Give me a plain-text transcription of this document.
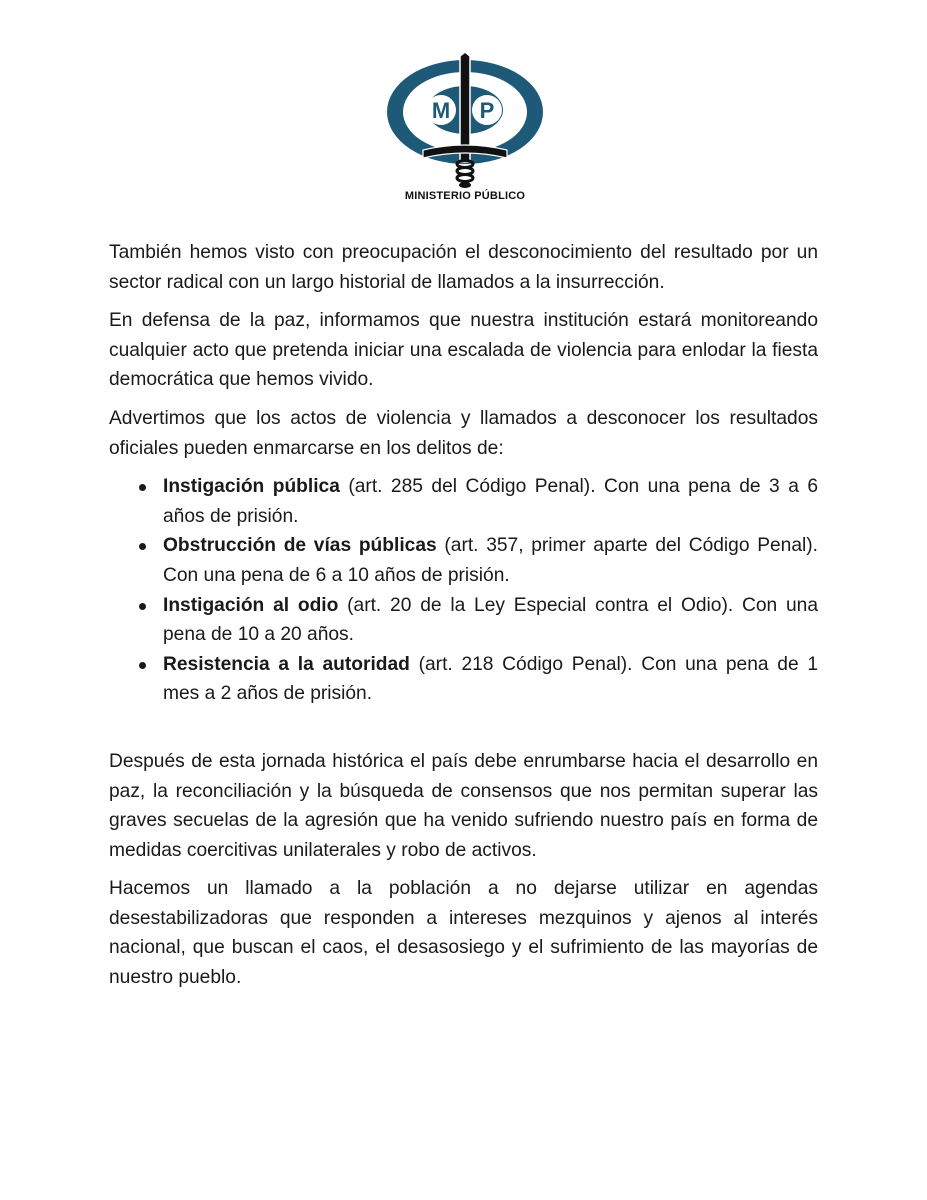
M P
MINISTERIO PÚBLICO

También hemos visto con preocupación el desconocimiento del resultado por un sector radical con un largo historial de llamados a la insurrección.

En defensa de la paz, informamos que nuestra institución estará monitoreando cualquier acto que pretenda iniciar una escalada de violencia para enlodar la fiesta democrática que hemos vivido.

Advertimos que los actos de violencia y llamados a desconocer los resultados oficiales pueden enmarcarse en los delitos de:

Instigación pública (art. 285 del Código Penal). Con una pena de 3 a 6 años de prisión.
Obstrucción de vías públicas (art. 357, primer aparte del Código Penal). Con una pena de 6 a 10 años de prisión.
Instigación al odio (art. 20 de la Ley Especial contra el Odio). Con una pena de 10 a 20 años.
Resistencia a la autoridad (art. 218 Código Penal). Con una pena de 1 mes a 2 años de prisión.

Después de esta jornada histórica el país debe enrumbarse hacia el desarrollo en paz, la reconciliación y la búsqueda de consensos que nos permitan superar las graves secuelas de la agresión que ha venido sufriendo nuestro país en forma de medidas coercitivas unilaterales y robo de activos.

Hacemos un llamado a la población a no dejarse utilizar en agendas desestabilizadoras que responden a intereses mezquinos y ajenos al interés nacional, que buscan el caos, el desasosiego y el sufrimiento de las mayorías de nuestro pueblo.
